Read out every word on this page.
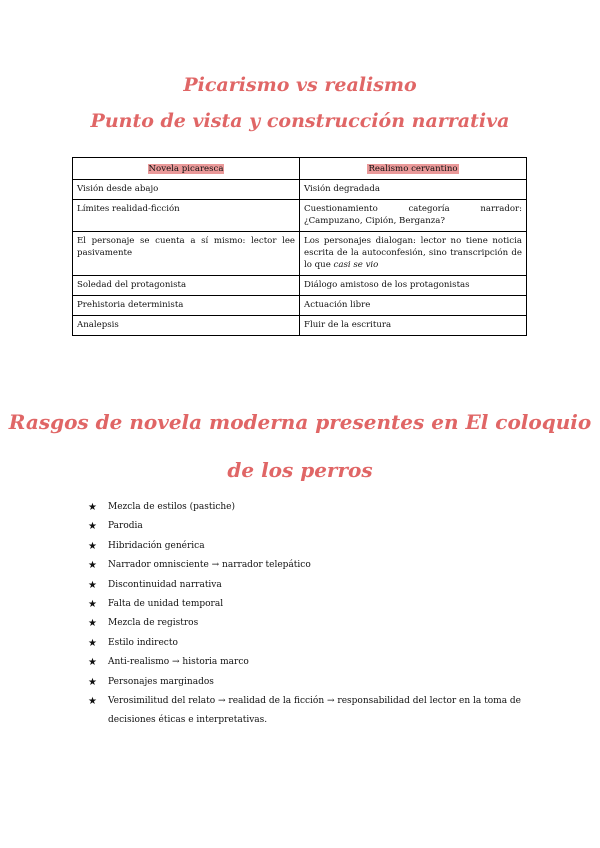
Picarismo vs realismo
Punto de vista y construcción narrativa
Novela picaresca	Realismo cervantino
Visión desde abajo	Visión degradada
Límites realidad-ficción	Cuestionamiento categoría narrador: ¿Campuzano, Cipión, Berganza?
El personaje se cuenta a sí mismo: lector lee pasivamente	Los personajes dialogan: lector no tiene noticia escrita de la autoconfesión, sino transcripción de lo que casi se vio
Soledad del protagonista	Diálogo amistoso de los protagonistas
Prehistoria determinista	Actuación libre
Analepsis	Fluir de la escritura
Rasgos de novela moderna presentes en El coloquio
de los perros
★ Mezcla de estilos (pastiche)
★ Parodia
★ Hibridación genérica
★ Narrador omnisciente → narrador telepático
★ Discontinuidad narrativa
★ Falta de unidad temporal
★ Mezcla de registros
★ Estilo indirecto
★ Anti-realismo → historia marco
★ Personajes marginados
★ Verosimilitud del relato → realidad de la ficción → responsabilidad del lector en la toma de decisiones éticas e interpretativas.
